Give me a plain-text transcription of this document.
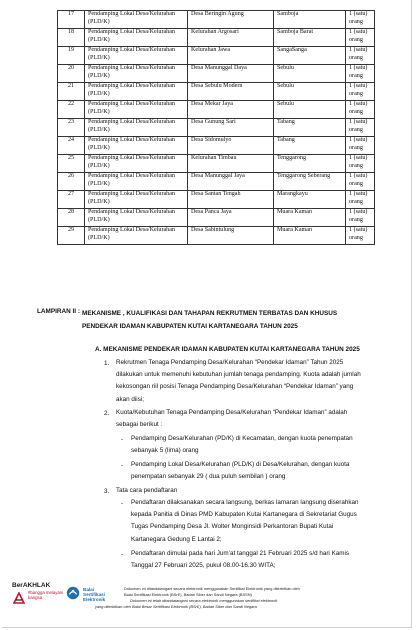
17	Pendamping Lokal Desa/Kelurahan (PLD/K)	Desa Beringin Agung	Samboja	1 (satu) orang
18	Pendamping Lokal Desa/Kelurahan (PLD/K)	Kelurahan Argosari	Samboja Barat	1 (satu) orang
19	Pendamping Lokal Desa/Kelurahan (PLD/K)	Kelurahan Jawa	SangaSanga	1 (satu) orang
20	Pendamping Lokal Desa/Kelurahan (PLD/K)	Desa Manunggal Daya	Sebulu	1 (satu) orang
21	Pendamping Lokal Desa/Kelurahan (PLD/K)	Desa Sebulu Modern	Sebulu	1 (satu) orang
22	Pendamping Lokal Desa/Kelurahan (PLD/K)	Desa Mekar Jaya	Sebulu	1 (satu) orang
23	Pendamping Lokal Desa/Kelurahan (PLD/K)	Desa Gunung Sari	Tabang	1 (satu) orang
24	Pendamping Lokal Desa/Kelurahan (PLD/K)	Desa Sidomulyo	Tabang	1 (satu) orang
25	Pendamping Lokal Desa/Kelurahan (PLD/K)	Kelurahan Timbau	Tenggarong	1 (satu) orang
26	Pendamping Lokal Desa/Kelurahan (PLD/K)	Desa Manunggal Jaya	Tenggarong Seberang	1 (satu) orang
27	Pendamping Lokal Desa/Kelurahan (PLD/K)	Desa Santan Tengah	Marangkayu	1 (satu) orang
28	Pendamping Lokal Desa/Kelurahan (PLD/K)	Desa Panca Jaya	Muara Kaman	1 (satu) orang
29	Pendamping Lokal Desa/Kelurahan (PLD/K)	Desa Sabintulung	Muara Kaman	1 (satu) orang
LAMPIRAN II : MEKANISME , KUALIFIKASI DAN TAHAPAN REKRUTMEN TERBATAS DAN KHUSUS PENDEKAR IDAMAN KABUPATEN KUTAI KARTANEGARA TAHUN 2025
A. MEKANISME PENDEKAR IDAMAN KABUPATEN KUTAI KARTANEGARA TAHUN 2025
1. Rekrutmen Tenaga Pendamping Desa/Kelurahan “Pendekar Idaman” Tahun 2025
dilakukan untuk memenuhi kebutuhan jumlah tenaga pendamping. Kuota adalah jumlah
kekosongan riil posisi Tenaga Pendamping Desa/Kelurahan “Pendekar Idaman” yang
akan diisi;
2. Kuota/Kebutuhan Tenaga Pendamping Desa/Kelurahan “Pendekar Idaman” adalah
sebagai berikut :
- Pendamping Desa/Kelurahan (PD/K) di Kecamatan, dengan kuota penempatan
sebanyak 5 (lima) orang
- Pendamping Lokal Desa/Kelurahan (PLD/K) di Desa/Kelurahan, dengan kuota
penempatan sebanyak 29 ( dua puluh sembilan ) orang
3. Tata cara pendaftaran
- Pendaftaran dilaksanakan secara langsung, berkas lamaran langsung diserahkan
kepada Panitia di Dinas PMD Kabupaten Kutai Kartanegara di Sekretariat Gugus
Tugas Pendamping Desa Jl. Wolter Monginsidi Perkantoran Bupati Kutai
Kartanegara Gedung E Lantai 2;
- Pendaftaran dimulai pada hari Jum’at tanggal 21 Februari 2025 s/d hari Kamis
Tanggal 27 Februari 2025, pukul 08.00-16.30 WITA;
BerAKHLAK
#bangga melayani bangsa
Balai Sertifikasi Elektronik
Dokumen ini ditandatangani secara elektronik menggunakan Sertifikat Elektronik yang diterbitkan oleh
Balai Sertifikasi Elektronik (BSrE), Badan Siber dan Sandi Negara (BSSN)
Dokumen ini telah ditandatangani secara elektronik menggunakan sertifikat elektronik
yang diterbitkan oleh Balai Besar Sertifikasi Elektronik (BSrE), Badan Siber dan Sandi Negara
